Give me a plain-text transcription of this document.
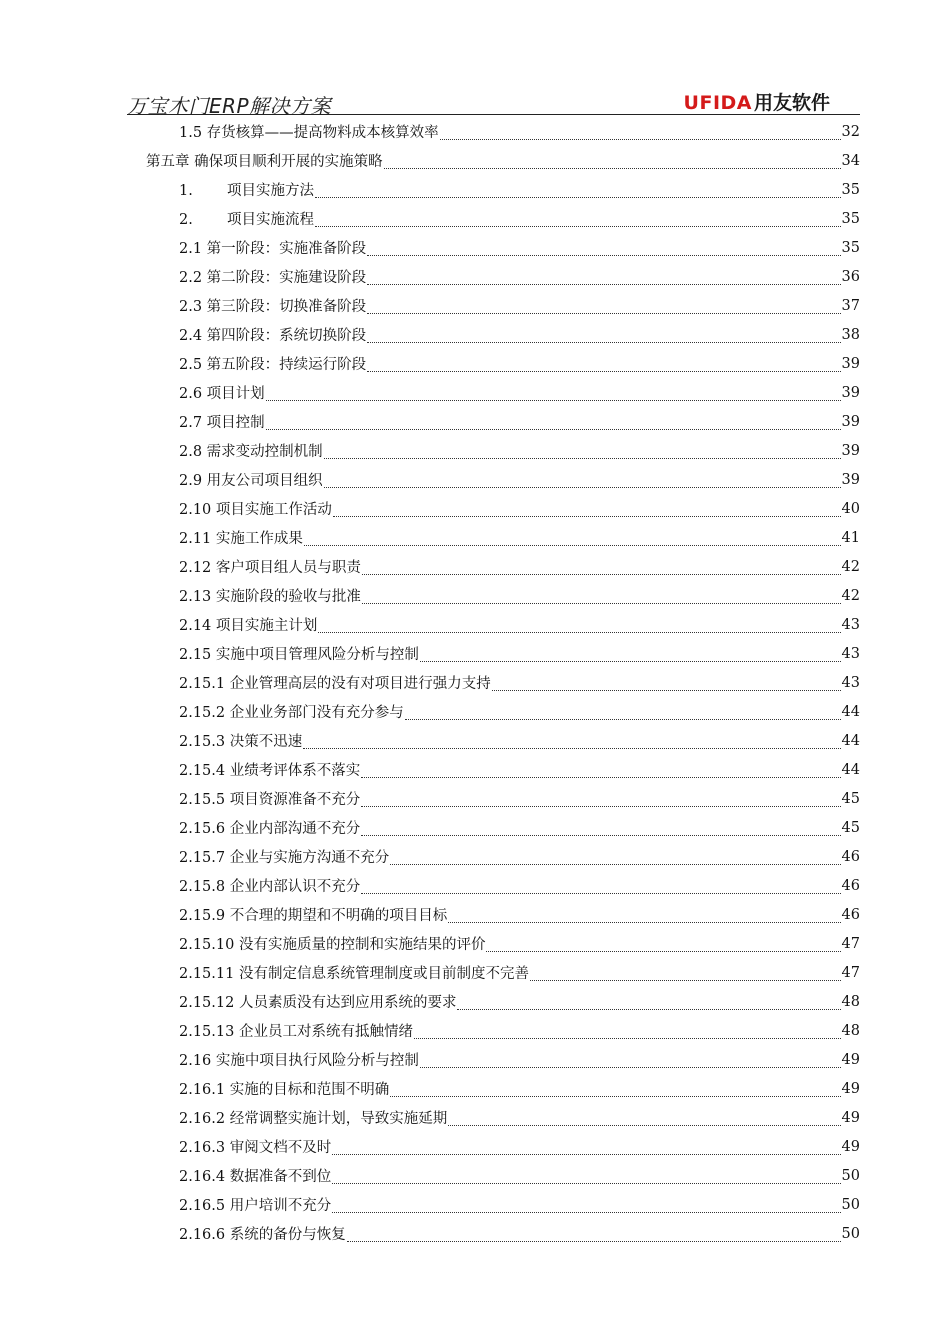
万宝木门ERP解决方案	UFIDA 用友软件
1.5 存货核算——提高物料成本核算效率	32
第五章 确保项目顺利开展的实施策略	34
1. 项目实施方法	35
2. 项目实施流程	35
2.1 第一阶段：实施准备阶段	35
2.2 第二阶段：实施建设阶段	36
2.3 第三阶段：切换准备阶段	37
2.4 第四阶段：系统切换阶段	38
2.5 第五阶段：持续运行阶段	39
2.6 项目计划	39
2.7 项目控制	39
2.8 需求变动控制机制	39
2.9 用友公司项目组织	39
2.10 项目实施工作活动	40
2.11 实施工作成果	41
2.12 客户项目组人员与职责	42
2.13 实施阶段的验收与批准	42
2.14 项目实施主计划	43
2.15 实施中项目管理风险分析与控制	43
2.15.1 企业管理高层的没有对项目进行强力支持	43
2.15.2 企业业务部门没有充分参与	44
2.15.3 决策不迅速	44
2.15.4 业绩考评体系不落实	44
2.15.5 项目资源准备不充分	45
2.15.6 企业内部沟通不充分	45
2.15.7 企业与实施方沟通不充分	46
2.15.8 企业内部认识不充分	46
2.15.9 不合理的期望和不明确的项目目标	46
2.15.10 没有实施质量的控制和实施结果的评价	47
2.15.11 没有制定信息系统管理制度或目前制度不完善	47
2.15.12 人员素质没有达到应用系统的要求	48
2.15.13 企业员工对系统有抵触情绪	48
2.16 实施中项目执行风险分析与控制	49
2.16.1 实施的目标和范围不明确	49
2.16.2 经常调整实施计划，导致实施延期	49
2.16.3 审阅文档不及时	49
2.16.4 数据准备不到位	50
2.16.5 用户培训不充分	50
2.16.6 系统的备份与恢复	50
